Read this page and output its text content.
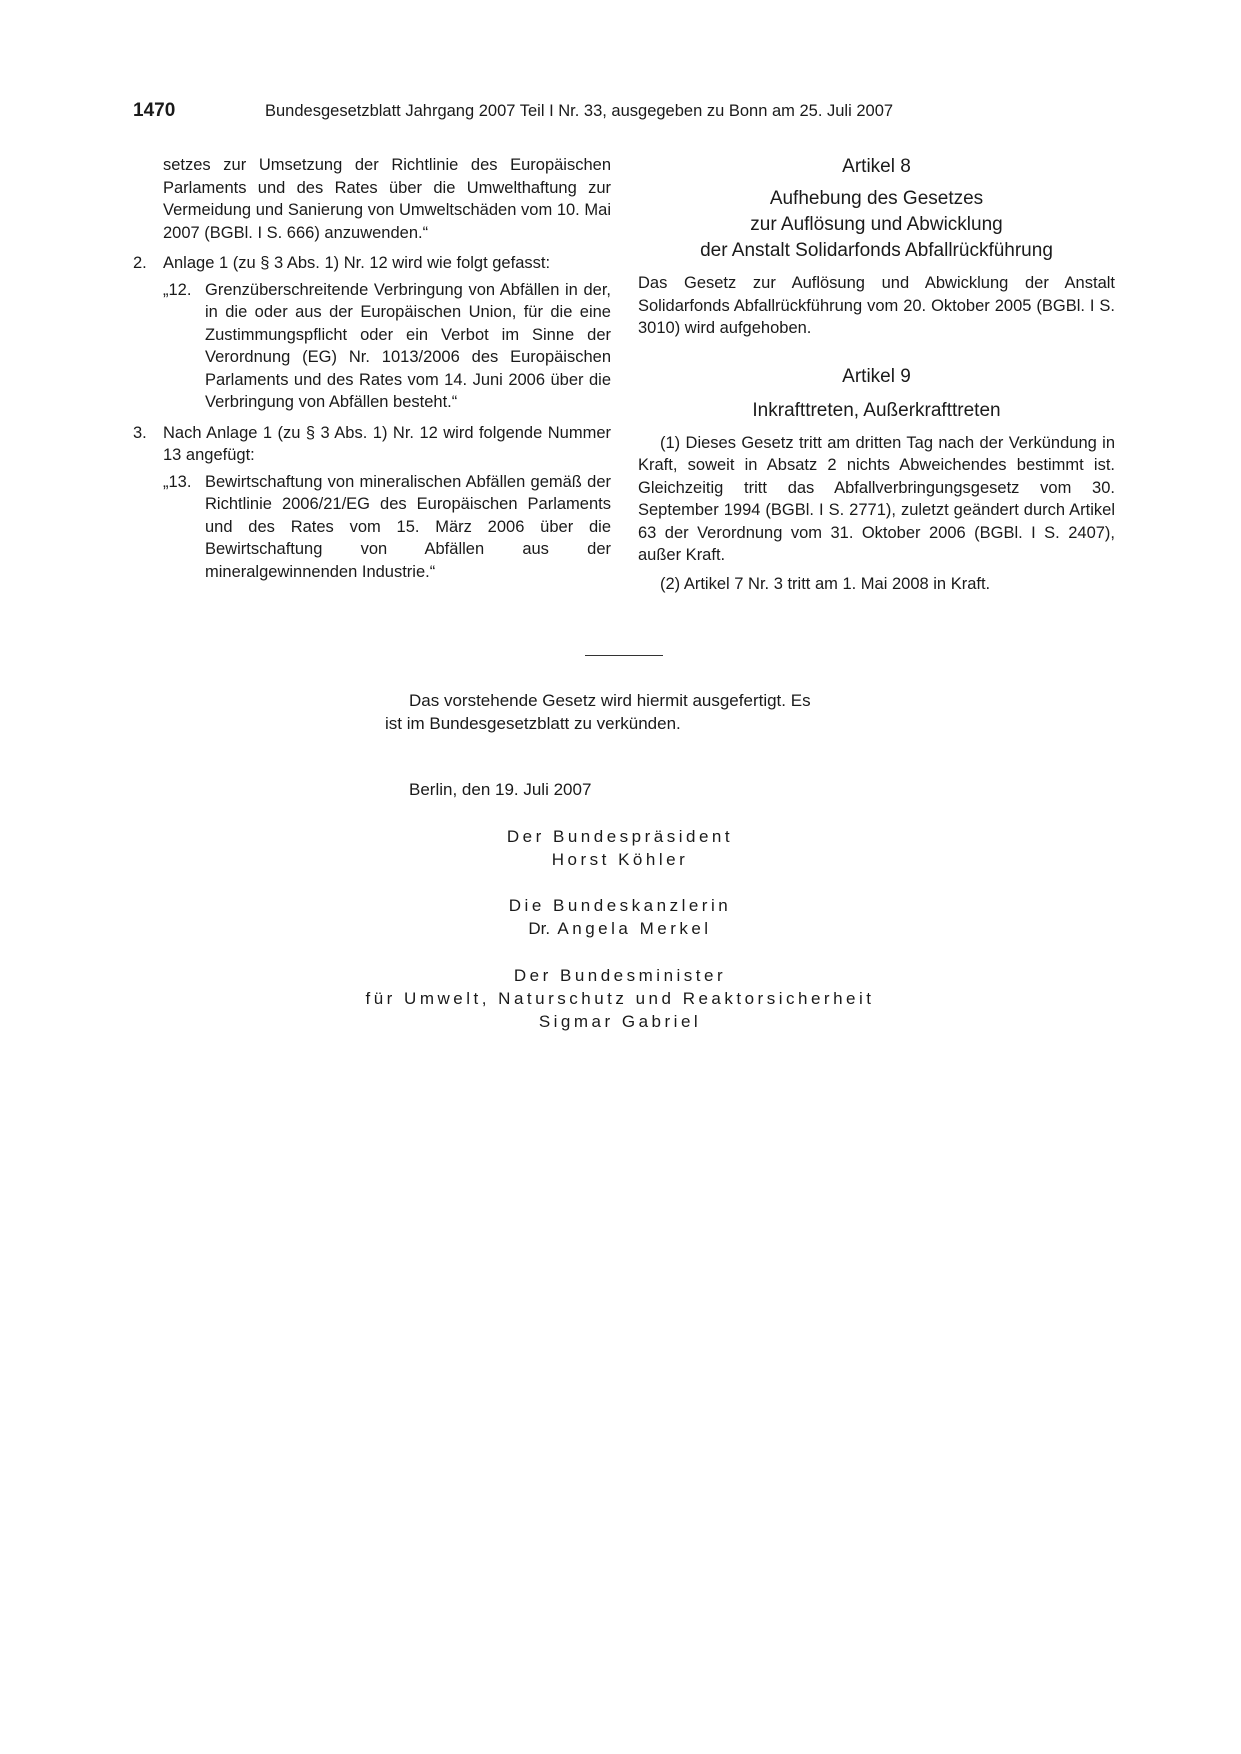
1470	Bundesgesetzblatt Jahrgang 2007 Teil I Nr. 33, ausgegeben zu Bonn am 25. Juli 2007

setzes zur Umsetzung der Richtlinie des Europäischen Parlaments und des Rates über die Umwelthaftung zur Vermeidung und Sanierung von Umweltschäden vom 10. Mai 2007 (BGBl. I S. 666) anzuwenden.“

2. Anlage 1 (zu § 3 Abs. 1) Nr. 12 wird wie folgt gefasst:

„12. Grenzüberschreitende Verbringung von Abfällen in der, in die oder aus der Europäischen Union, für die eine Zustimmungspflicht oder ein Verbot im Sinne der Verordnung (EG) Nr. 1013/2006 des Europäischen Parlaments und des Rates vom 14. Juni 2006 über die Verbringung von Abfällen besteht.“

3. Nach Anlage 1 (zu § 3 Abs. 1) Nr. 12 wird folgende Nummer 13 angefügt:

„13. Bewirtschaftung von mineralischen Abfällen gemäß der Richtlinie 2006/21/EG des Europäischen Parlaments und des Rates vom 15. März 2006 über die Bewirtschaftung von Abfällen aus der mineralgewinnenden Industrie.“

Artikel 8
Aufhebung des Gesetzes
zur Auflösung und Abwicklung
der Anstalt Solidarfonds Abfallrückführung

Das Gesetz zur Auflösung und Abwicklung der Anstalt Solidarfonds Abfallrückführung vom 20. Oktober 2005 (BGBl. I S. 3010) wird aufgehoben.

Artikel 9
Inkrafttreten, Außerkrafttreten

(1) Dieses Gesetz tritt am dritten Tag nach der Verkündung in Kraft, soweit in Absatz 2 nichts Abweichendes bestimmt ist. Gleichzeitig tritt das Abfallverbringungsgesetz vom 30. September 1994 (BGBl. I S. 2771), zuletzt geändert durch Artikel 63 der Verordnung vom 31. Oktober 2006 (BGBl. I S. 2407), außer Kraft.

(2) Artikel 7 Nr. 3 tritt am 1. Mai 2008 in Kraft.

Das vorstehende Gesetz wird hiermit ausgefertigt. Es
ist im Bundesgesetzblatt zu verkünden.
Berlin, den 19. Juli 2007
Der Bundespräsident
Horst Köhler
Die Bundeskanzlerin
Dr. Angela Merkel
Der Bundesminister
für Umwelt, Naturschutz und Reaktorsicherheit
Sigmar Gabriel
